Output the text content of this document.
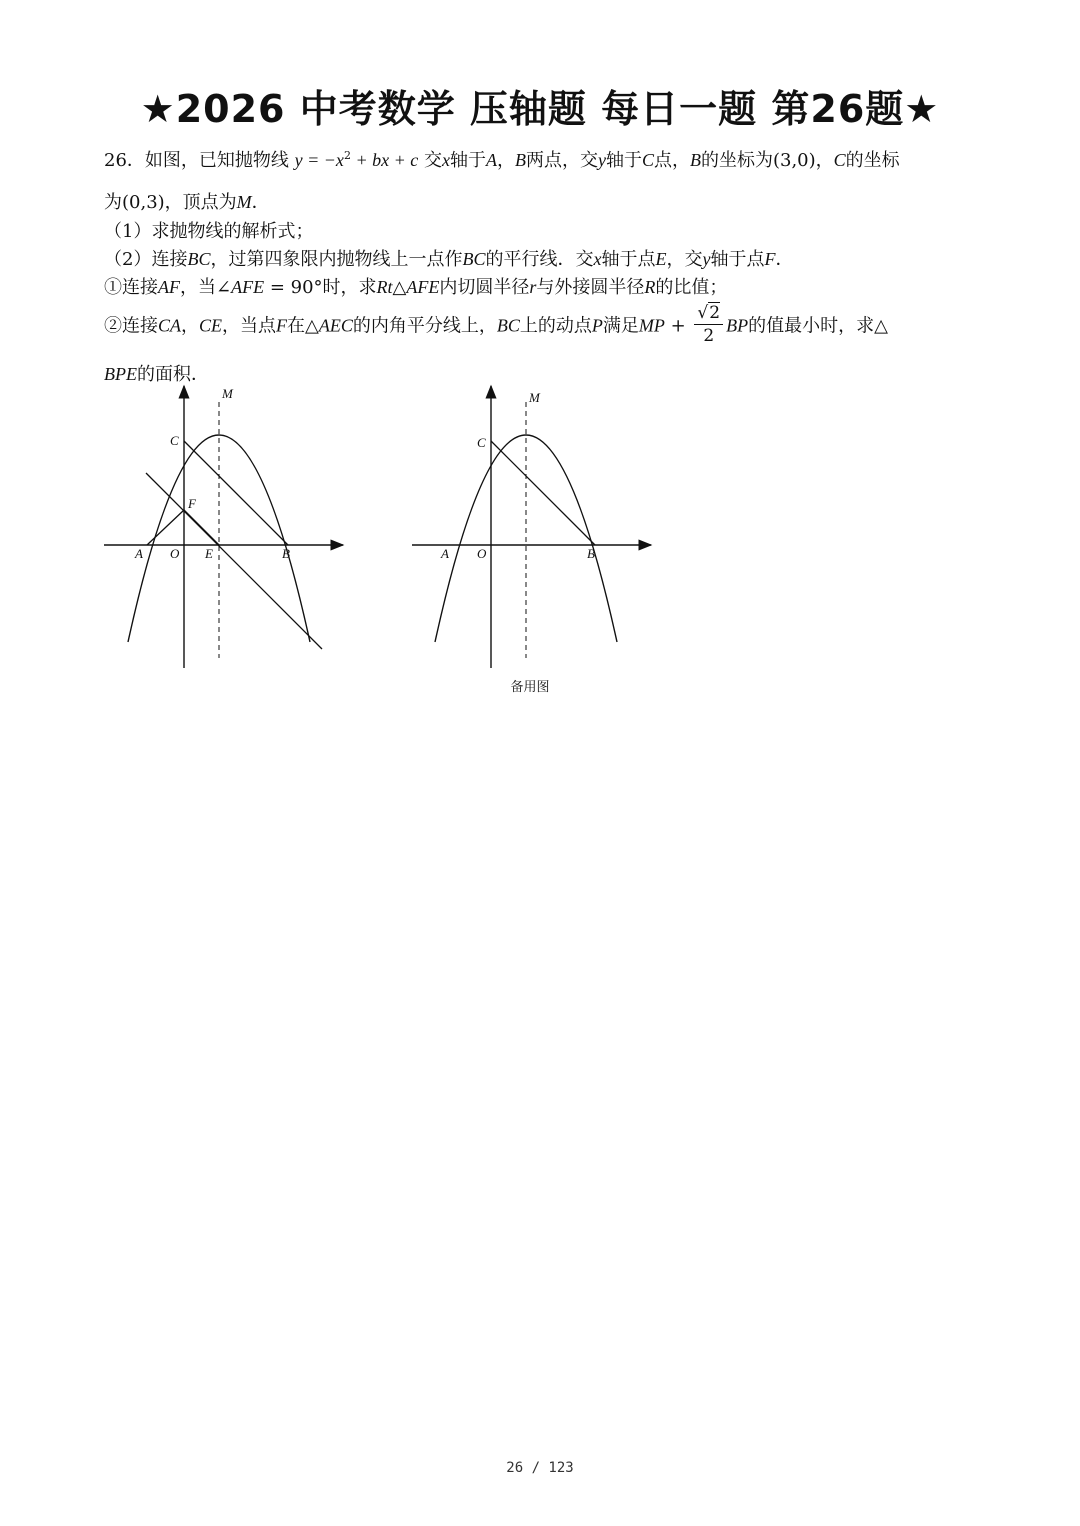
★2026 中考数学 压轴题 每日一题 第26题★
26．如图，已知抛物线 $y = -x^2$ + bx + c 交x轴于A，B两点，交y轴于C点，B的坐标为(3,0)，C的坐标
为(0,3)，顶点为M．
（1）求抛物线的解析式；
（2）连接BC，过第四象限内抛物线上一点作BC的平行线．交x轴于点E，交y轴于点F．
①连接AF，当∠AFE = 90°时，求Rt△AFE内切圆半径r与外接圆半径R的比值；
②连接CA，CE，当点F在△AEC的内角平分线上，BC上的动点P满足MP + $\frac{√2}{2}$ BP的值最小时，求△
BPE的面积．
M
C
F
A O E	B
M
C
A O	B
备用图
26 / 123
